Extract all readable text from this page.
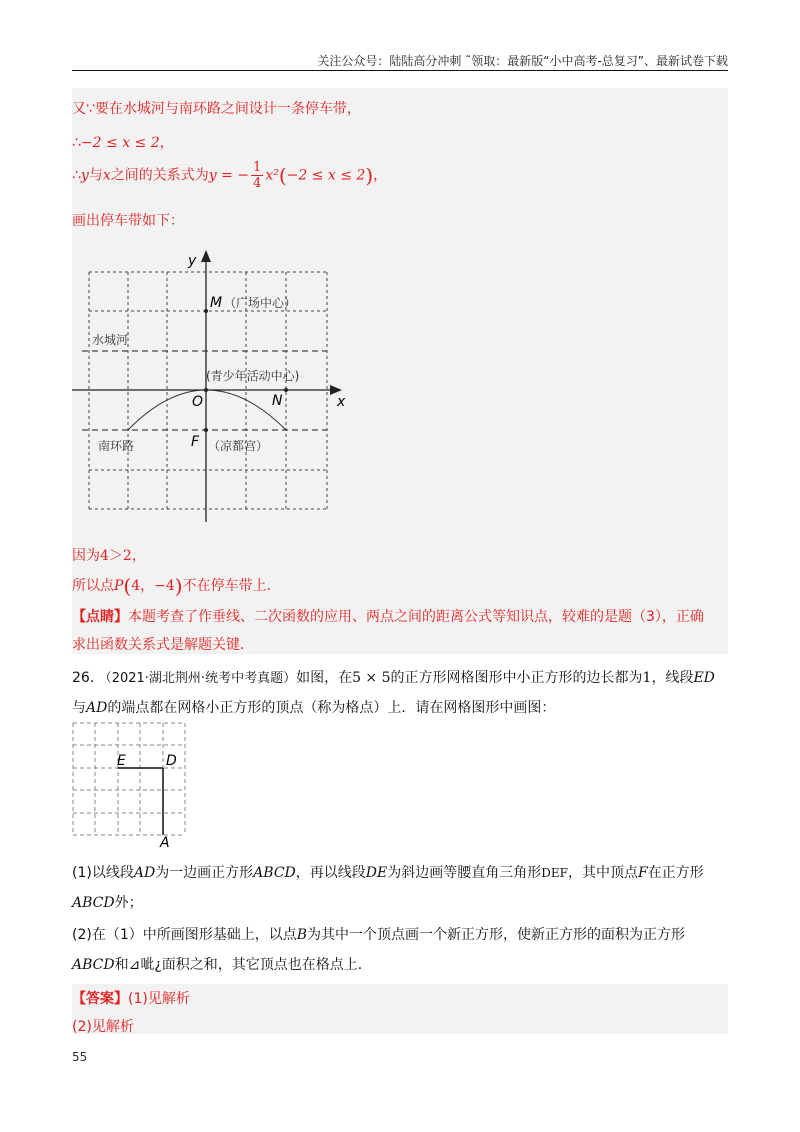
关注公众号：陆陆高分冲刺 ˜领取：最新版“小中高考-总复习”、最新试卷下载
又∵要在水城河与南环路之间设计一条停车带，
∴−2 ≤ x ≤ 2，
∴y与x之间的关系式为y = − $\frac{1}{4} x^2(-2 \le x \le 2)$，
画出停车带如下：
y
x
M （广场中心）
水城河
(青少年活动中心)
O	N
南环路	F （凉都宫）
因为4＞2，
所以点P(4，−4)不在停车带上．
【点睛】本题考查了作垂线、二次函数的应用、两点之间的距离公式等知识点，较难的是题（3），正确
求出函数关系式是解题关键．
26. （2021·湖北荆州·统考中考真题）如图，在5 × 5的正方形网格图形中小正方形的边长都为1，线段ED
与AD的端点都在网格小正方形的顶点（称为格点）上．请在网格图形中画图：
E	D
A
(1)以线段AD为一边画正方形ABCD，再以线段DE为斜边画等腰直角三角形DEF，其中顶点F在正方形
ABCD外；
(2)在（1）中所画图形基础上，以点B为其中一个顶点画一个新正方形，使新正方形的面积为正方形
ABCD和⊿呲¿面积之和，其它顶点也在格点上．
【答案】(1)见解析
(2)见解析
55
